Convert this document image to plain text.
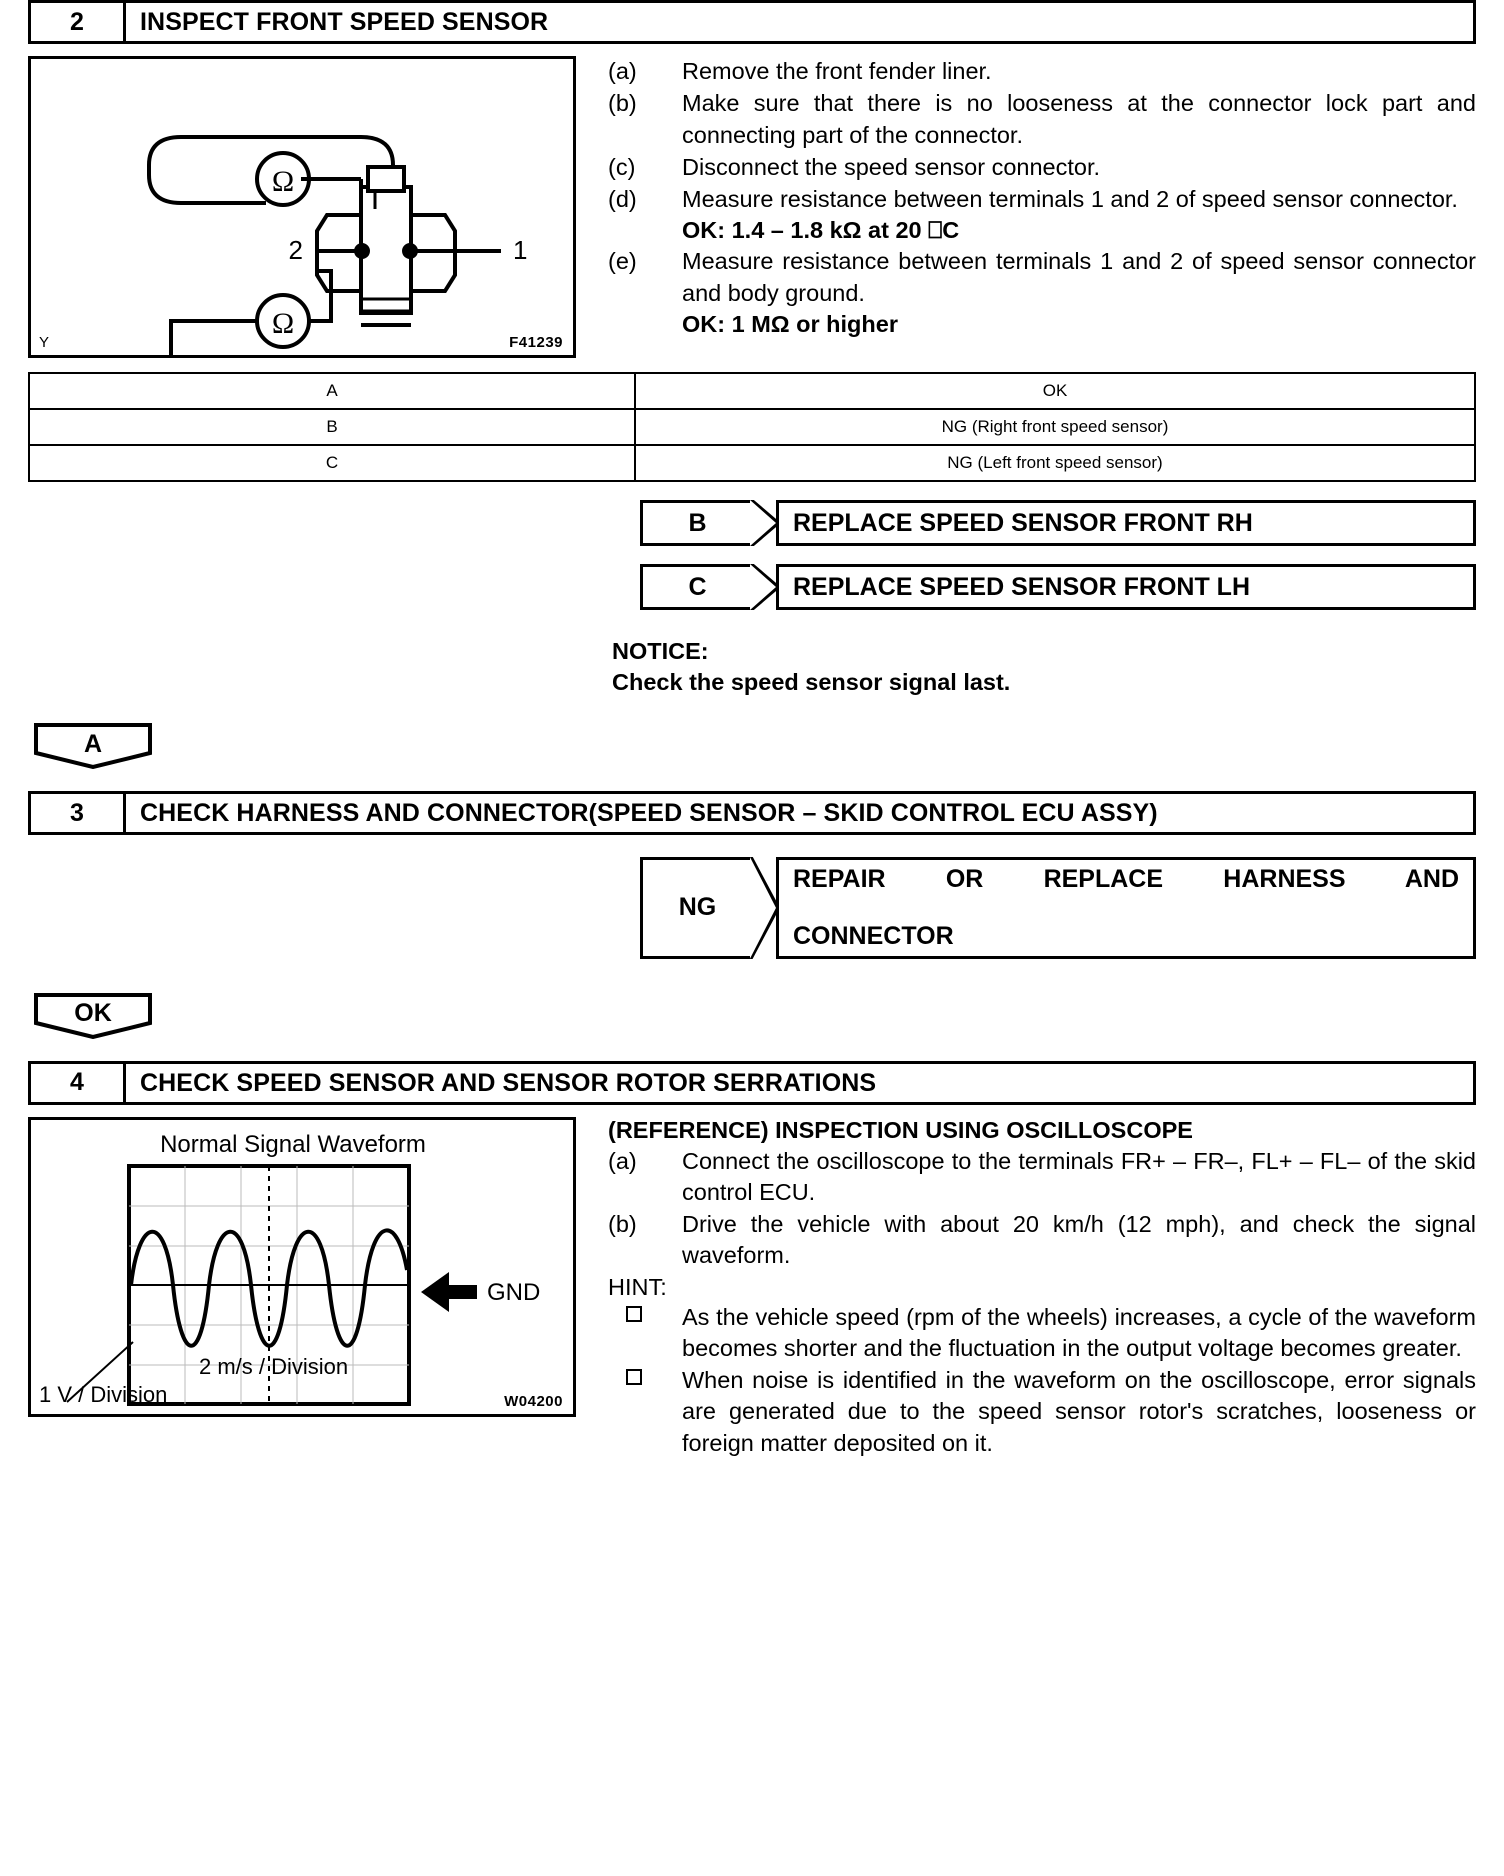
2	INSPECT FRONT SPEED SENSOR
Ω
2	1
Ω
Y	F41239
(a)	Remove the front fender liner.
(b)	Make sure that there is no looseness at the connector lock part and connecting part of the connector.
(c)	Disconnect the speed sensor connector.
(d)	Measure resistance between terminals 1 and 2 of speed sensor connector.
OK: 1.4 – 1.8 kΩ at 20 ⎕C
(e)	Measure resistance between terminals 1 and 2 of speed sensor connector and body ground.
OK: 1 MΩ or higher
A	OK
B	NG (Right front speed sensor)
C	NG (Left front speed sensor)
B	REPLACE SPEED SENSOR FRONT RH
C	REPLACE SPEED SENSOR FRONT LH
NOTICE:
Check the speed sensor signal last.
A
3	CHECK HARNESS AND CONNECTOR(SPEED SENSOR – SKID CONTROL ECU ASSY)
NG
REPAIR OR REPLACE HARNESS AND
CONNECTOR
OK
4	CHECK SPEED SENSOR AND SENSOR ROTOR SERRATIONS
Normal Signal Waveform
GND
2 m/s / Division
1 V / Division	W04200
(REFERENCE) INSPECTION USING OSCILLOSCOPE
(a)	Connect the oscilloscope to the terminals FR+ – FR–, FL+ – FL– of the skid control ECU.
(b)	Drive the vehicle with about 20 km/h (12 mph), and check the signal waveform.
HINT:
As the vehicle speed (rpm of the wheels) increases, a cycle of the waveform becomes shorter and the fluctuation in the output voltage becomes greater.
When noise is identified in the waveform on the oscilloscope, error signals are generated due to the speed sensor rotor's scratches, looseness or foreign matter deposited on it.
